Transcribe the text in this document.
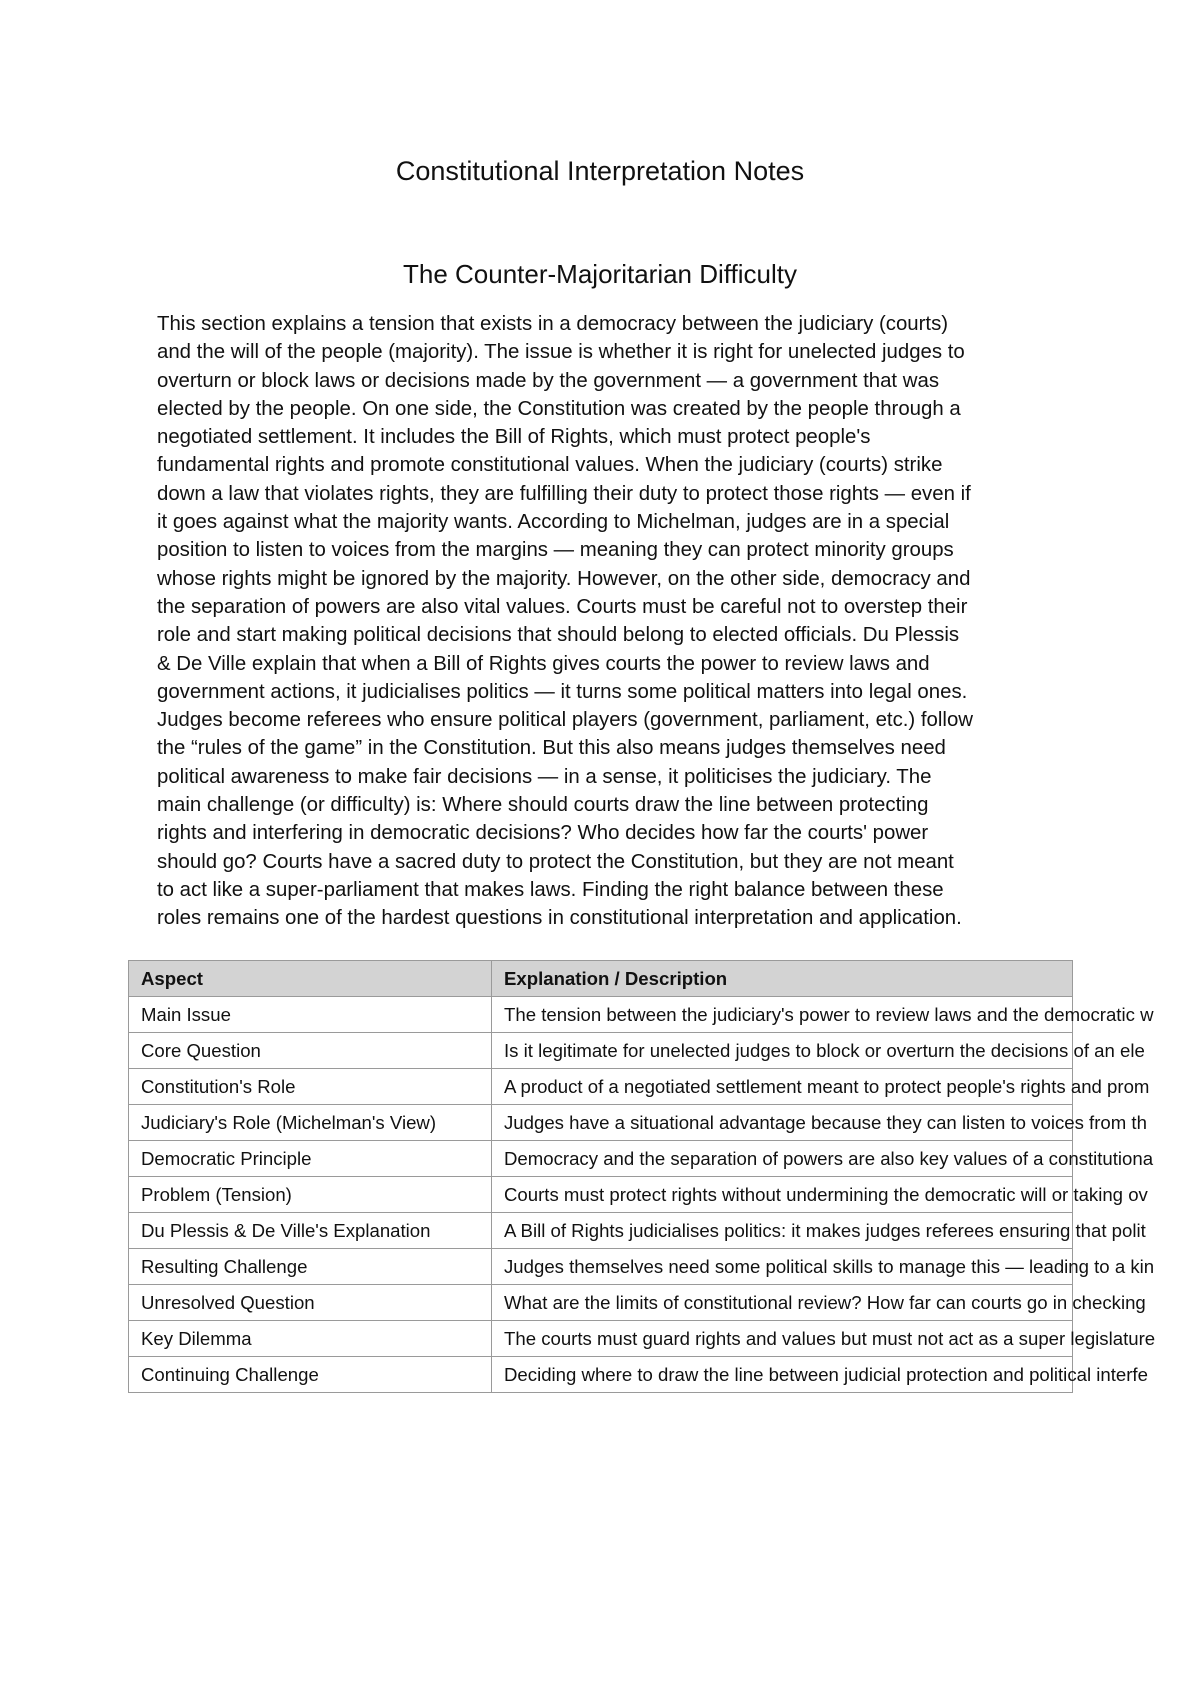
Constitutional Interpretation Notes
The Counter-Majoritarian Difficulty
This section explains a tension that exists in a democracy between the judiciary (courts)
and the will of the people (majority). The issue is whether it is right for unelected judges to
overturn or block laws or decisions made by the government — a government that was
elected by the people. On one side, the Constitution was created by the people through a
negotiated settlement. It includes the Bill of Rights, which must protect people's
fundamental rights and promote constitutional values. When the judiciary (courts) strike
down a law that violates rights, they are fulfilling their duty to protect those rights — even if
it goes against what the majority wants. According to Michelman, judges are in a special
position to listen to voices from the margins — meaning they can protect minority groups
whose rights might be ignored by the majority. However, on the other side, democracy and
the separation of powers are also vital values. Courts must be careful not to overstep their
role and start making political decisions that should belong to elected officials. Du Plessis
& De Ville explain that when a Bill of Rights gives courts the power to review laws and
government actions, it judicialises politics — it turns some political matters into legal ones.
Judges become referees who ensure political players (government, parliament, etc.) follow
the “rules of the game” in the Constitution. But this also means judges themselves need
political awareness to make fair decisions — in a sense, it politicises the judiciary. The
main challenge (or difficulty) is: Where should courts draw the line between protecting
rights and interfering in democratic decisions? Who decides how far the courts' power
should go? Courts have a sacred duty to protect the Constitution, but they are not meant
to act like a super-parliament that makes laws. Finding the right balance between these
roles remains one of the hardest questions in constitutional interpretation and application.
Aspect	Explanation / Description
Main Issue	The tension between the judiciary's power to review laws and the democratic w
Core Question	Is it legitimate for unelected judges to block or overturn the decisions of an ele
Constitution's Role	A product of a negotiated settlement meant to protect people's rights and prom
Judiciary's Role (Michelman's View)	Judges have a situational advantage because they can listen to voices from th
Democratic Principle	Democracy and the separation of powers are also key values of a constitutiona
Problem (Tension)	Courts must protect rights without undermining the democratic will or taking ov
Du Plessis & De Ville's Explanation	A Bill of Rights judicialises politics: it makes judges referees ensuring that polit
Resulting Challenge	Judges themselves need some political skills to manage this — leading to a kin
Unresolved Question	What are the limits of constitutional review? How far can courts go in checking
Key Dilemma	The courts must guard rights and values but must not act as a super legislature
Continuing Challenge	Deciding where to draw the line between judicial protection and political interfe
